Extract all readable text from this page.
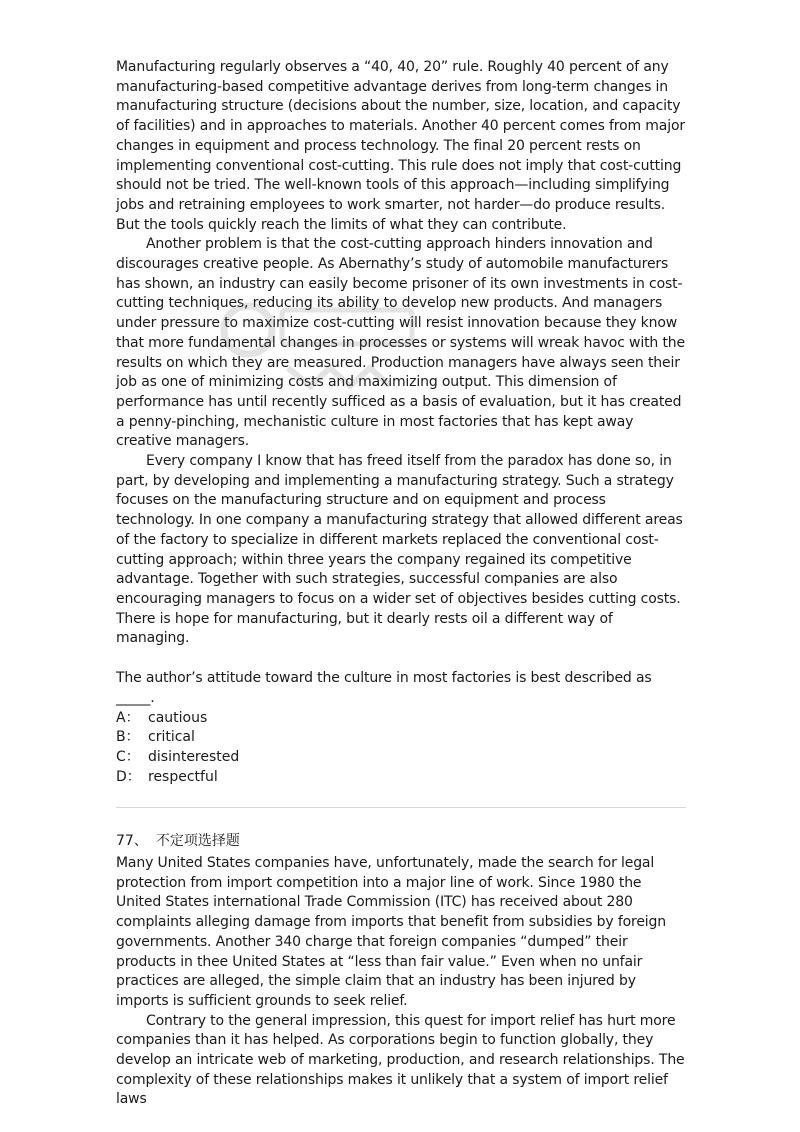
Manufacturing regularly observes a “40, 40, 20” rule. Roughly 40 percent of any manufacturing-based competitive advantage derives from long-term changes in manufacturing structure (decisions about the number, size, location, and capacity of facilities) and in approaches to materials. Another 40 percent comes from major changes in equipment and process technology. The final 20 percent rests on implementing conventional cost-cutting. This rule does not imply that cost-cutting should not be tried. The well-known tools of this approach—including simplifying jobs and retraining employees to work smarter, not harder—do produce results. But the tools quickly reach the limits of what they can contribute.

Another problem is that the cost-cutting approach hinders innovation and discourages creative people. As Abernathy’s study of automobile manufacturers has shown, an industry can easily become prisoner of its own investments in cost-cutting techniques, reducing its ability to develop new products. And managers under pressure to maximize cost-cutting will resist innovation because they know that more fundamental changes in processes or systems will wreak havoc with the results on which they are measured. Production managers have always seen their job as one of minimizing costs and maximizing output. This dimension of performance has until recently sufficed as a basis of evaluation, but it has created a penny-pinching, mechanistic culture in most factories that has kept away creative managers.

Every company I know that has freed itself from the paradox has done so, in part, by developing and implementing a manufacturing strategy. Such a strategy focuses on the manufacturing structure and on equipment and process technology. In one company a manufacturing strategy that allowed different areas of the factory to specialize in different markets replaced the conventional cost-cutting approach; within three years the company regained its competitive advantage. Together with such strategies, successful companies are also encouraging managers to focus on a wider set of objectives besides cutting costs. There is hope for manufacturing, but it dearly rests oil a different way of managing.

The author’s attitude toward the culture in most factories is best described as _____.

A： cautious
B： critical
C： disinterested
D： respectful
77、 不定项选择题

Many United States companies have, unfortunately, made the search for legal protection from import competition into a major line of work. Since 1980 the United States international Trade Commission (ITC) has received about 280 complaints alleging damage from imports that benefit from subsidies by foreign governments. Another 340 charge that foreign companies “dumped” their products in thee United States at “less than fair value.” Even when no unfair practices are alleged, the simple claim that an industry has been injured by imports is sufficient grounds to seek relief.

Contrary to the general impression, this quest for import relief has hurt more companies than it has helped. As corporations begin to function globally, they develop an intricate web of marketing, production, and research relationships. The complexity of these relationships makes it unlikely that a system of import relief laws
